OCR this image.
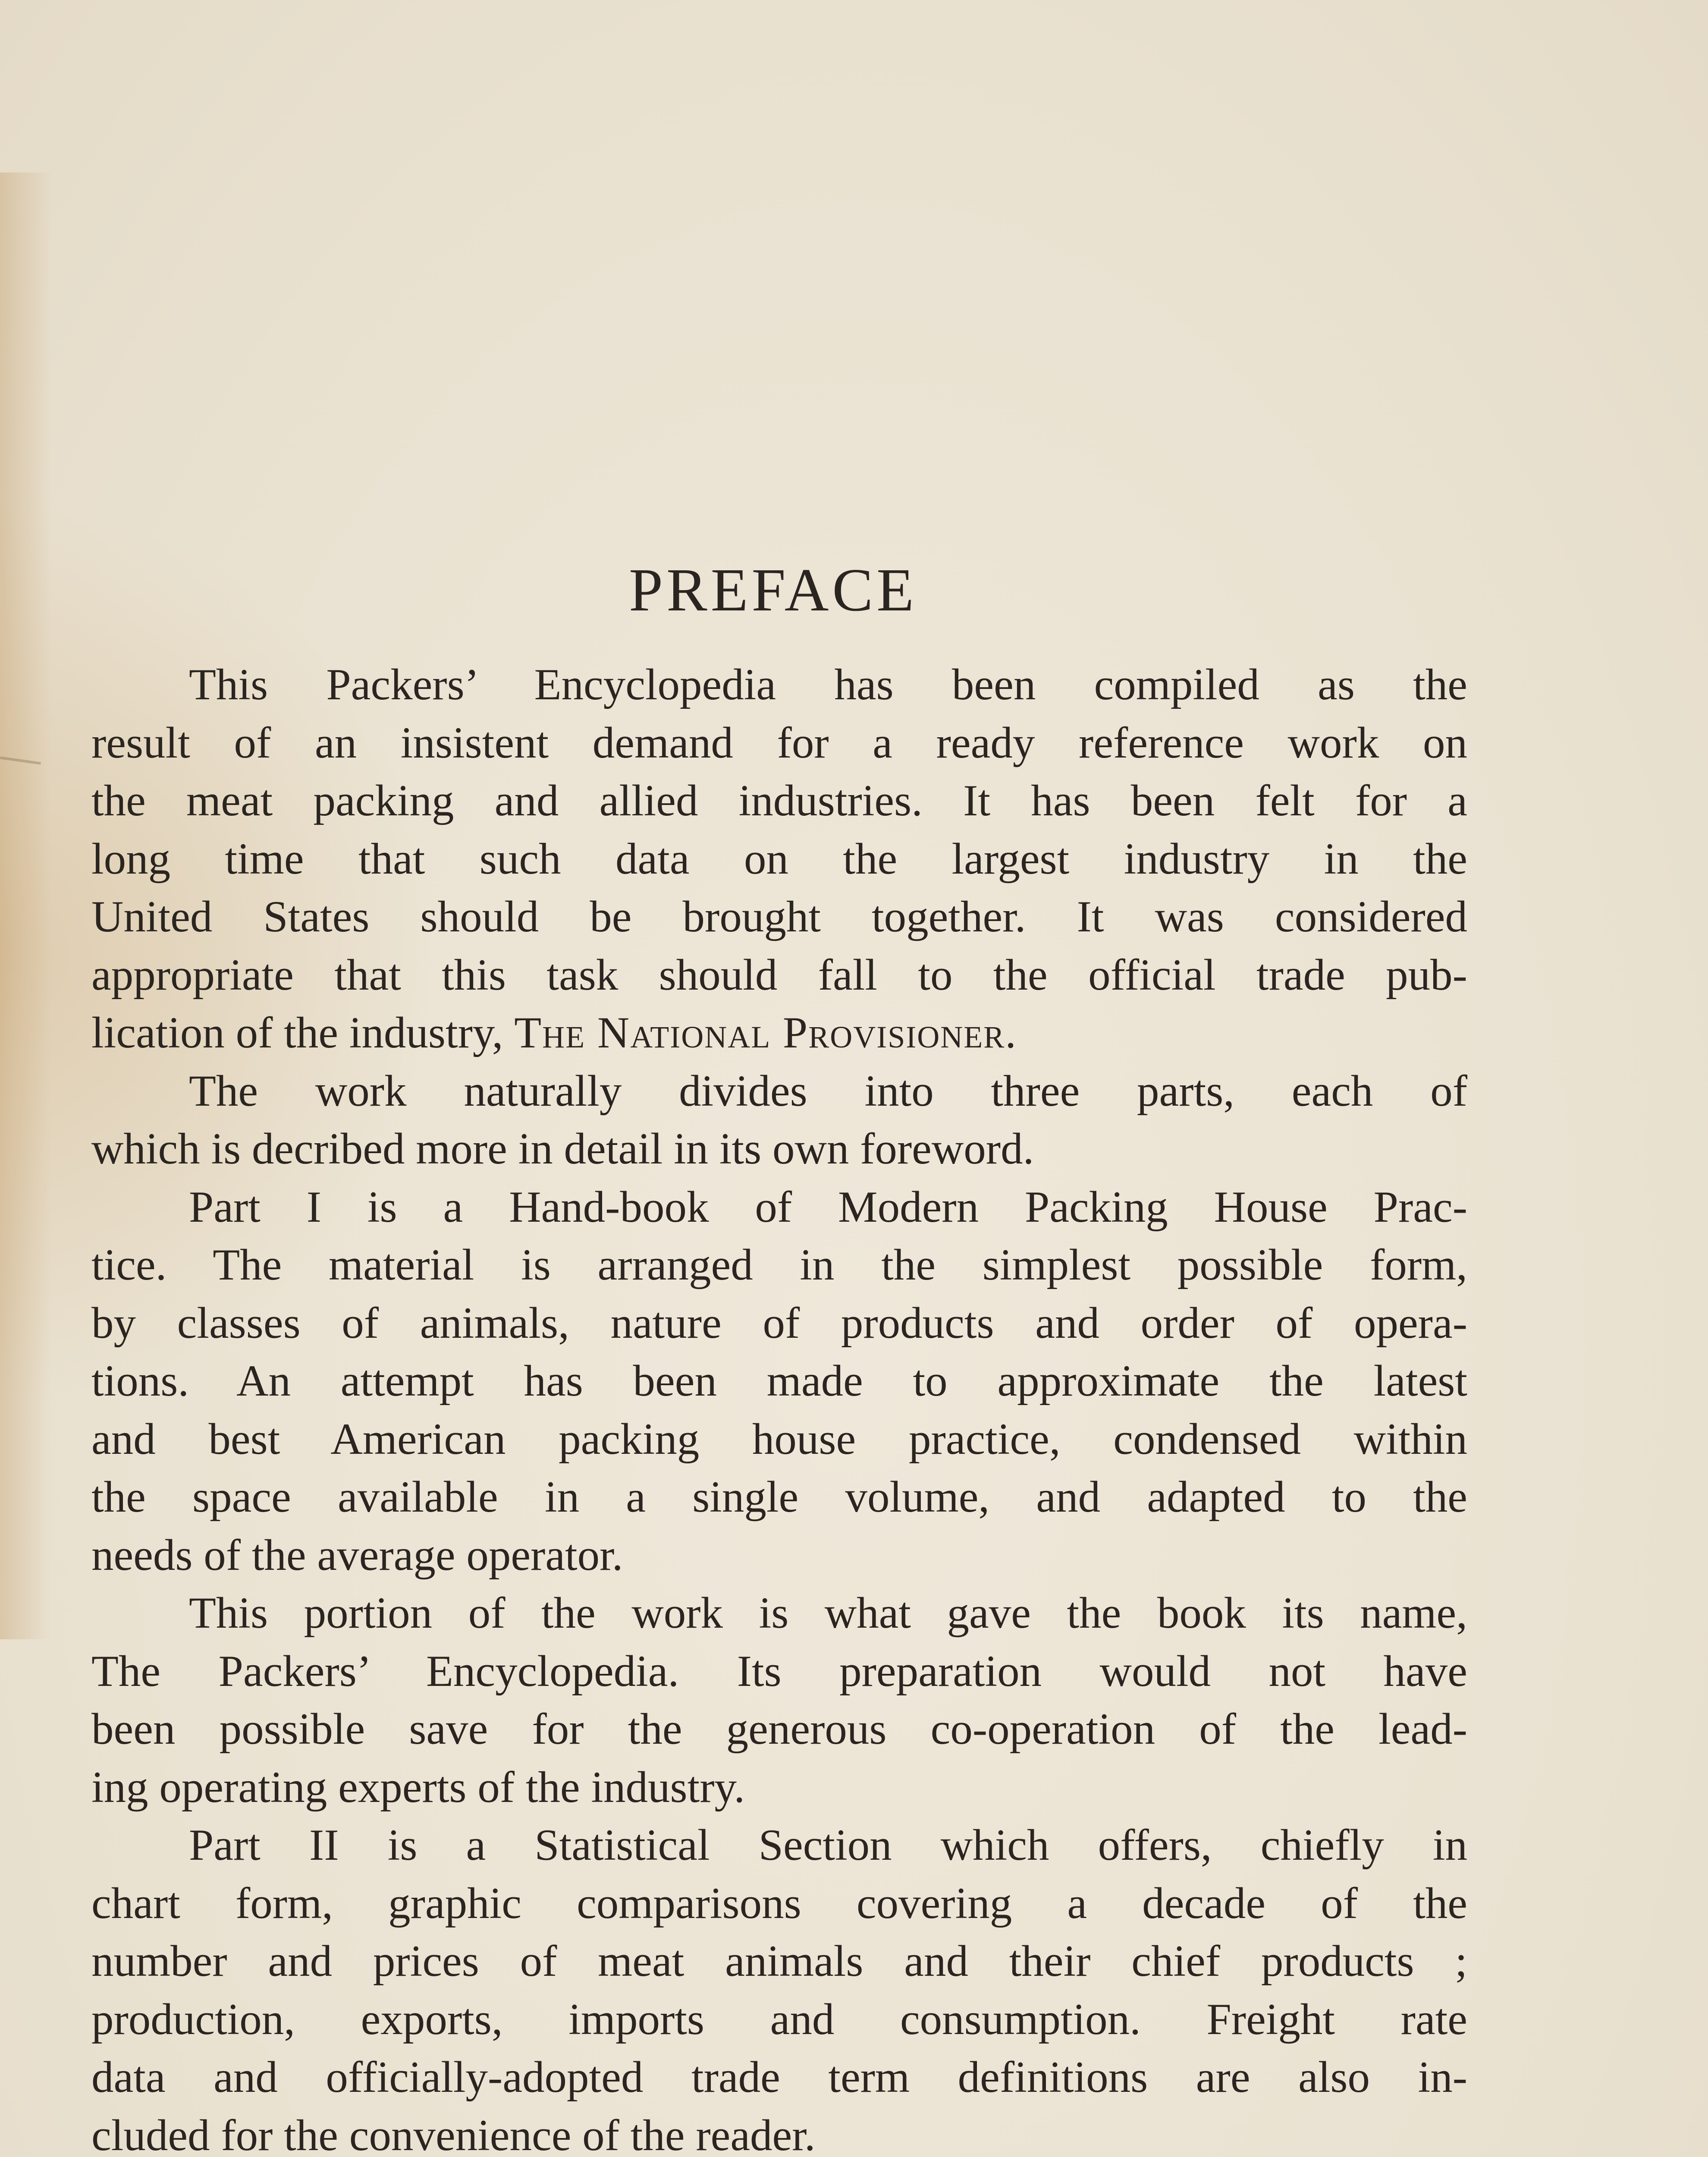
PREFACE
This Packers’ Encyclopedia has been compiled as the
result of an insistent demand for a ready reference work on
the meat packing and allied industries. It has been felt for a
long time that such data on the largest industry in the
United States should be brought together. It was considered
appropriate that this task should fall to the official trade pub-
lication of the industry, The National Provisioner.
The work naturally divides into three parts, each of
which is decribed more in detail in its own foreword.
Part I is a Hand-book of Modern Packing House Prac-
tice. The material is arranged in the simplest possible form,
by classes of animals, nature of products and order of opera-
tions. An attempt has been made to approximate the latest
and best American packing house practice, condensed within
the space available in a single volume, and adapted to the
needs of the average operator.
This portion of the work is what gave the book its name,
The Packers’ Encyclopedia. Its preparation would not have
been possible save for the generous co-operation of the lead-
ing operating experts of the industry.
Part II is a Statistical Section which offers, chiefly in
chart form, graphic comparisons covering a decade of the
number and prices of meat animals and their chief products ;
production, exports, imports and consumption. Freight rate
data and officially-adopted trade term definitions are also in-
cluded for the convenience of the reader.
